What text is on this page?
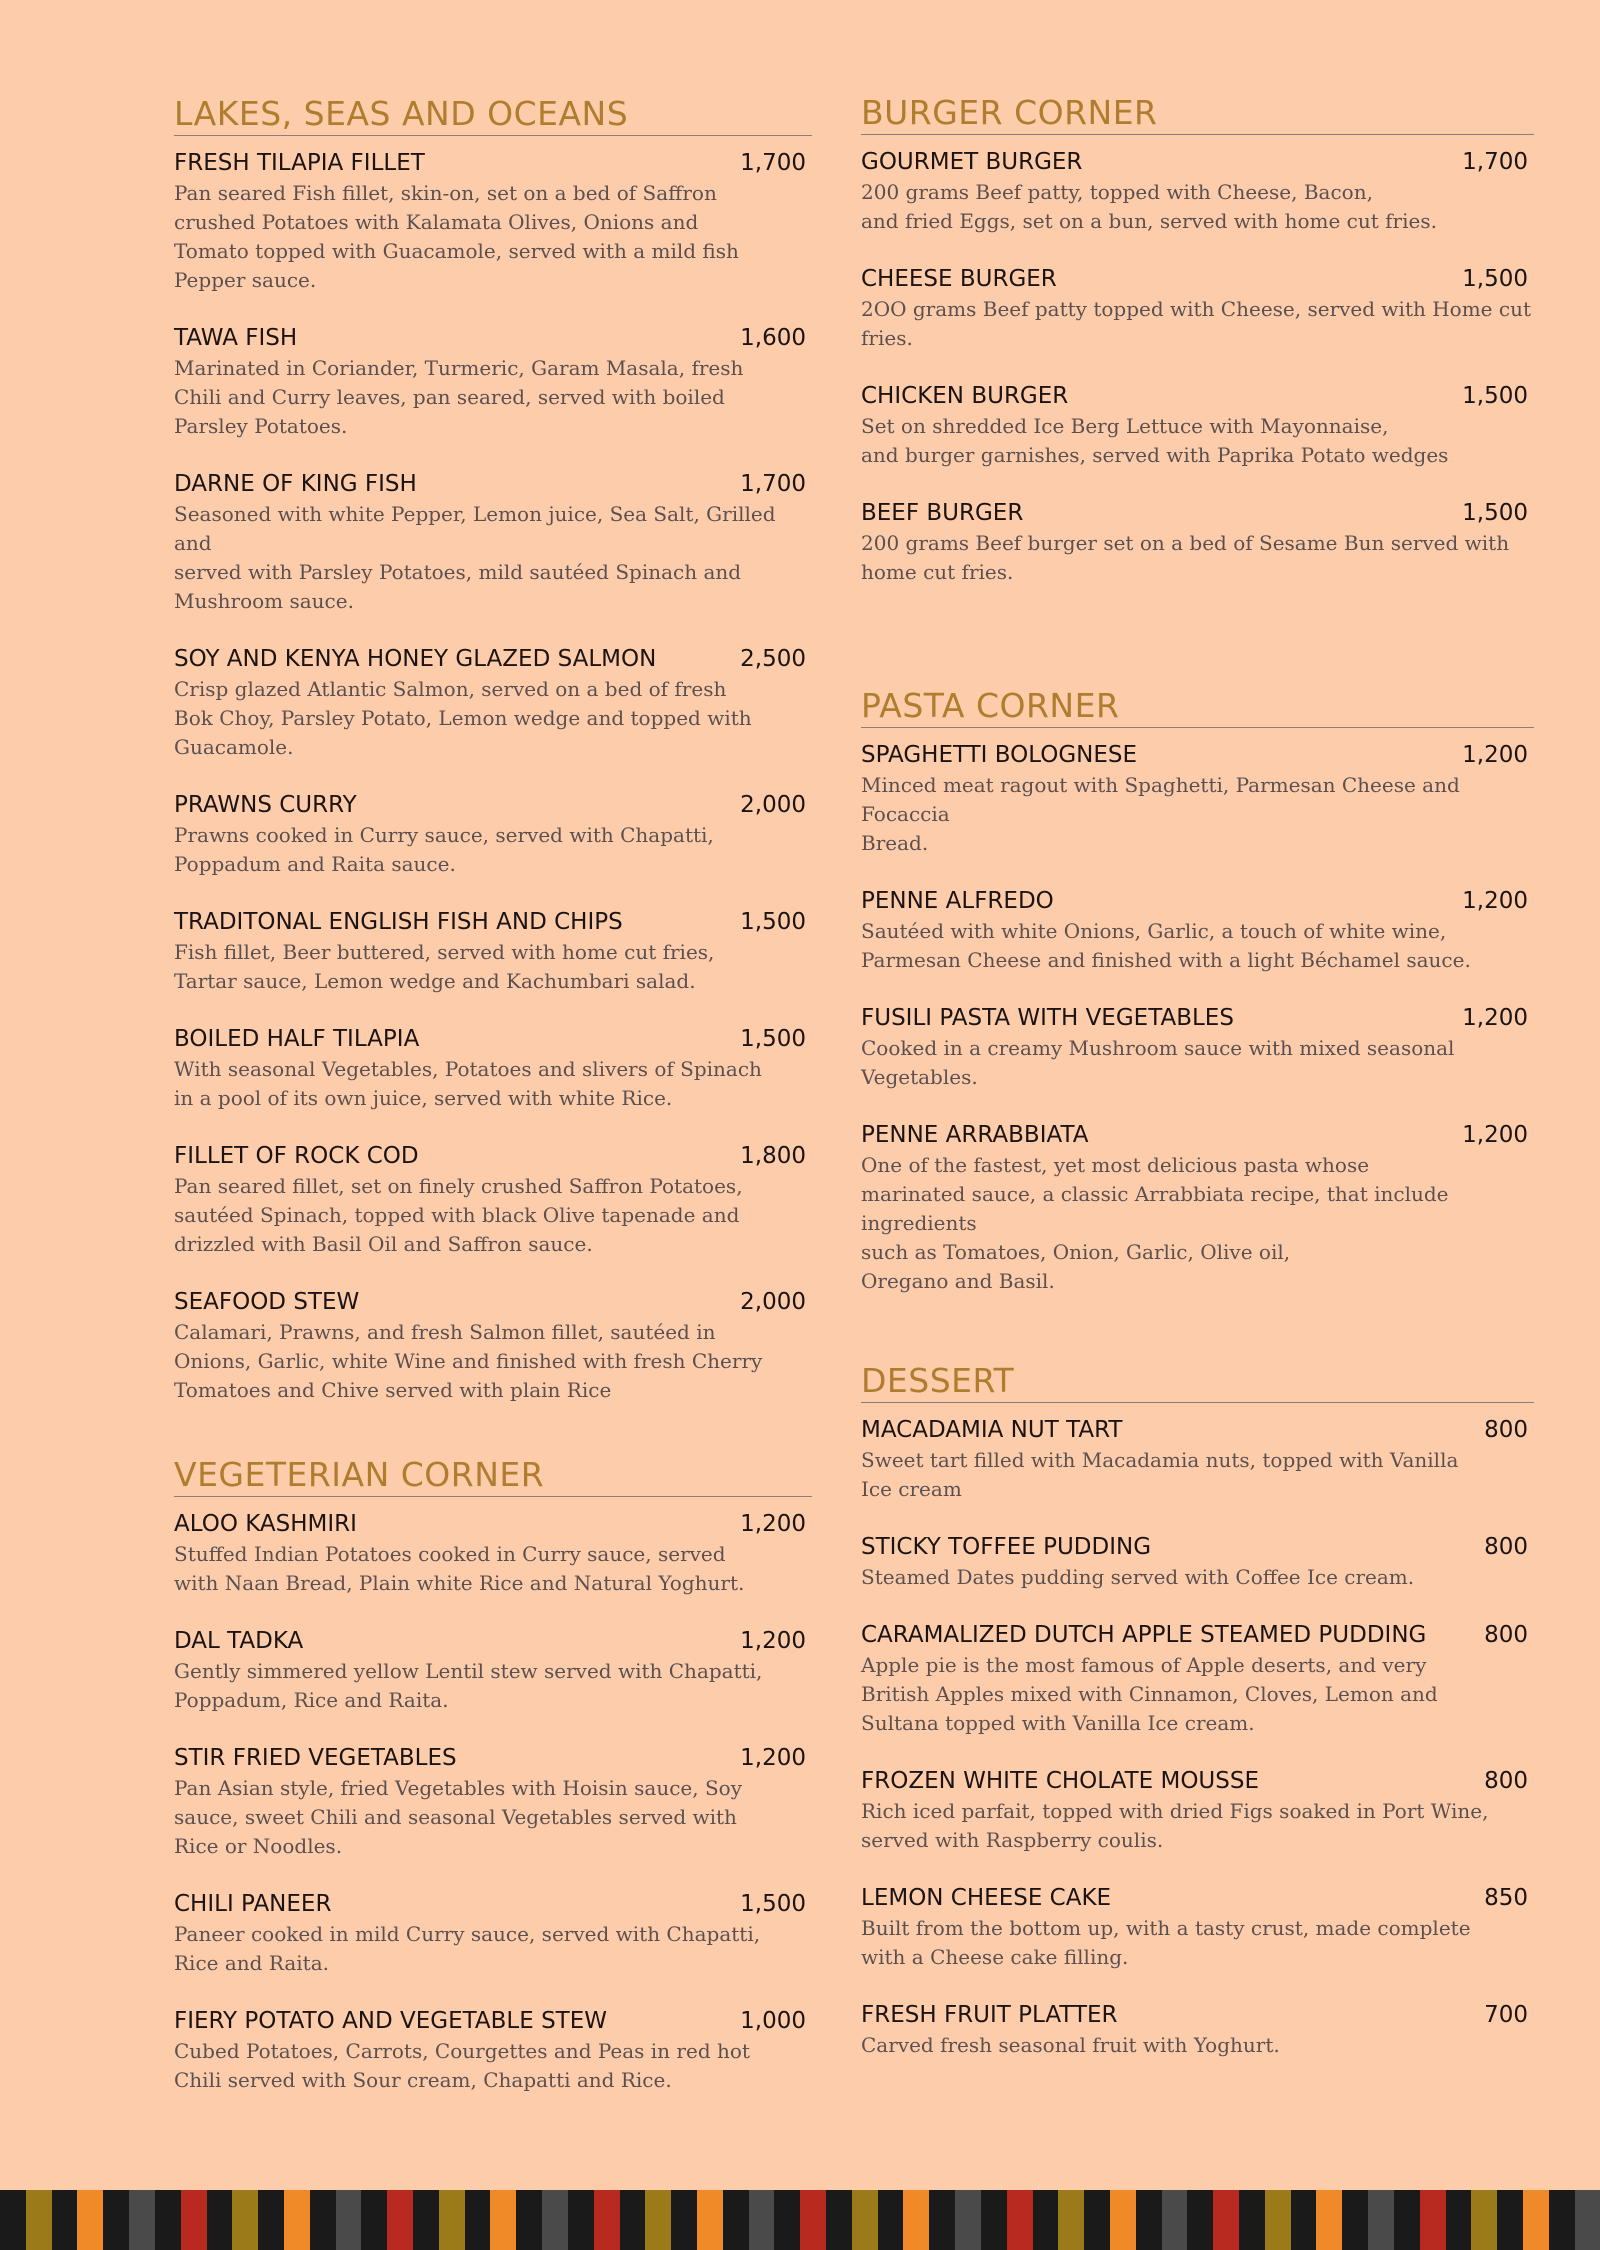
LAKES, SEAS AND OCEANS
FRESH TILAPIA FILLET	1,700
Pan seared Fish fillet, skin-on, set on a bed of Saffron
crushed Potatoes with Kalamata Olives, Onions and
Tomato topped with Guacamole, served with a mild fish
Pepper sauce.
TAWA FISH	1,600
Marinated in Coriander, Turmeric, Garam Masala, fresh
Chili and Curry leaves, pan seared, served with boiled
Parsley Potatoes.
DARNE OF KING FISH	1,700
Seasoned with white Pepper, Lemon juice, Sea Salt, Grilled and
served with Parsley Potatoes, mild sautéed Spinach and
Mushroom sauce.
SOY AND KENYA HONEY GLAZED SALMON	2,500
Crisp glazed Atlantic Salmon, served on a bed of fresh
Bok Choy, Parsley Potato, Lemon wedge and topped with
Guacamole.
PRAWNS CURRY	2,000
Prawns cooked in Curry sauce, served with Chapatti,
Poppadum and Raita sauce.
TRADITONAL ENGLISH FISH AND CHIPS	1,500
Fish fillet, Beer buttered, served with home cut fries,
Tartar sauce, Lemon wedge and Kachumbari salad.
BOILED HALF TILAPIA	1,500
With seasonal Vegetables, Potatoes and slivers of Spinach
in a pool of its own juice, served with white Rice.
FILLET OF ROCK COD	1,800
Pan seared fillet, set on finely crushed Saffron Potatoes,
sautéed Spinach, topped with black Olive tapenade and
drizzled with Basil Oil and Saffron sauce.
SEAFOOD STEW	2,000
Calamari, Prawns, and fresh Salmon fillet, sautéed in
Onions, Garlic, white Wine and finished with fresh Cherry
Tomatoes and Chive served with plain Rice
VEGETERIAN CORNER
ALOO KASHMIRI	1,200
Stuffed Indian Potatoes cooked in Curry sauce, served
with Naan Bread, Plain white Rice and Natural Yoghurt.
DAL TADKA	1,200
Gently simmered yellow Lentil stew served with Chapatti,
Poppadum, Rice and Raita.
STIR FRIED VEGETABLES	1,200
Pan Asian style, fried Vegetables with Hoisin sauce, Soy
sauce, sweet Chili and seasonal Vegetables served with
Rice or Noodles.
CHILI PANEER	1,500
Paneer cooked in mild Curry sauce, served with Chapatti,
Rice and Raita.
FIERY POTATO AND VEGETABLE STEW	1,000
Cubed Potatoes, Carrots, Courgettes and Peas in red hot
Chili served with Sour cream, Chapatti and Rice.
BURGER CORNER
GOURMET BURGER	1,700
200 grams Beef patty, topped with Cheese, Bacon,
and fried Eggs, set on a bun, served with home cut fries.
CHEESE BURGER	1,500
2OO grams Beef patty topped with Cheese, served with Home cut
fries.
CHICKEN BURGER	1,500
Set on shredded Ice Berg Lettuce with Mayonnaise,
and burger garnishes, served with Paprika Potato wedges
BEEF BURGER	1,500
200 grams Beef burger set on a bed of Sesame Bun served with
home cut fries.
PASTA CORNER
SPAGHETTI BOLOGNESE	1,200
Minced meat ragout with Spaghetti, Parmesan Cheese and Focaccia
Bread.
PENNE ALFREDO	1,200
Sautéed with white Onions, Garlic, a touch of white wine,
Parmesan Cheese and finished with a light Béchamel sauce.
FUSILI PASTA WITH VEGETABLES	1,200
Cooked in a creamy Mushroom sauce with mixed seasonal
Vegetables.
PENNE ARRABBIATA	1,200
One of the fastest, yet most delicious pasta whose
marinated sauce, a classic Arrabbiata recipe, that include ingredients
such as Tomatoes, Onion, Garlic, Olive oil,
Oregano and Basil.
DESSERT
MACADAMIA NUT TART	800
Sweet tart filled with Macadamia nuts, topped with Vanilla
Ice cream
STICKY TOFFEE PUDDING	800
Steamed Dates pudding served with Coffee Ice cream.
CARAMALIZED DUTCH APPLE STEAMED PUDDING	800
Apple pie is the most famous of Apple deserts, and very
British Apples mixed with Cinnamon, Cloves, Lemon and
Sultana topped with Vanilla Ice cream.
FROZEN WHITE CHOLATE MOUSSE	800
Rich iced parfait, topped with dried Figs soaked in Port Wine,
served with Raspberry coulis.
LEMON CHEESE CAKE	850
Built from the bottom up, with a tasty crust, made complete
with a Cheese cake filling.
FRESH FRUIT PLATTER	700
Carved fresh seasonal fruit with Yoghurt.
